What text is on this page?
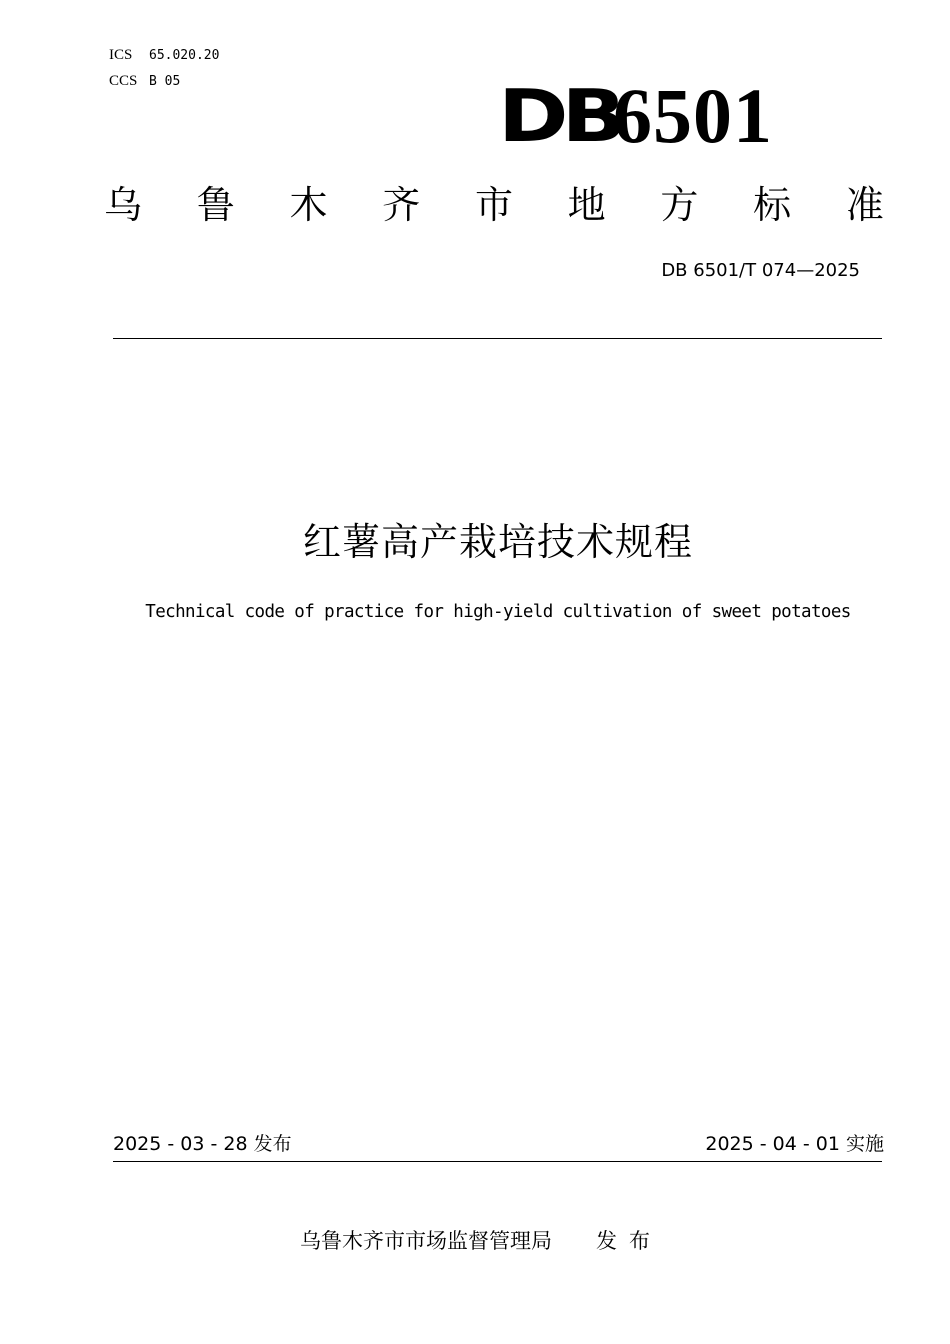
ICS 65.020.20
CCS B 05	DB
6501
乌 鲁 木 齐 市 地 方 标 准
DB 6501/T 074—2025
红薯高产栽培技术规程
Technical code of practice for high-yield cultivation of sweet potatoes
2025 - 03 - 28 发布	2025 - 04 - 01 实施
乌鲁木齐市市场监督管理局 发布
